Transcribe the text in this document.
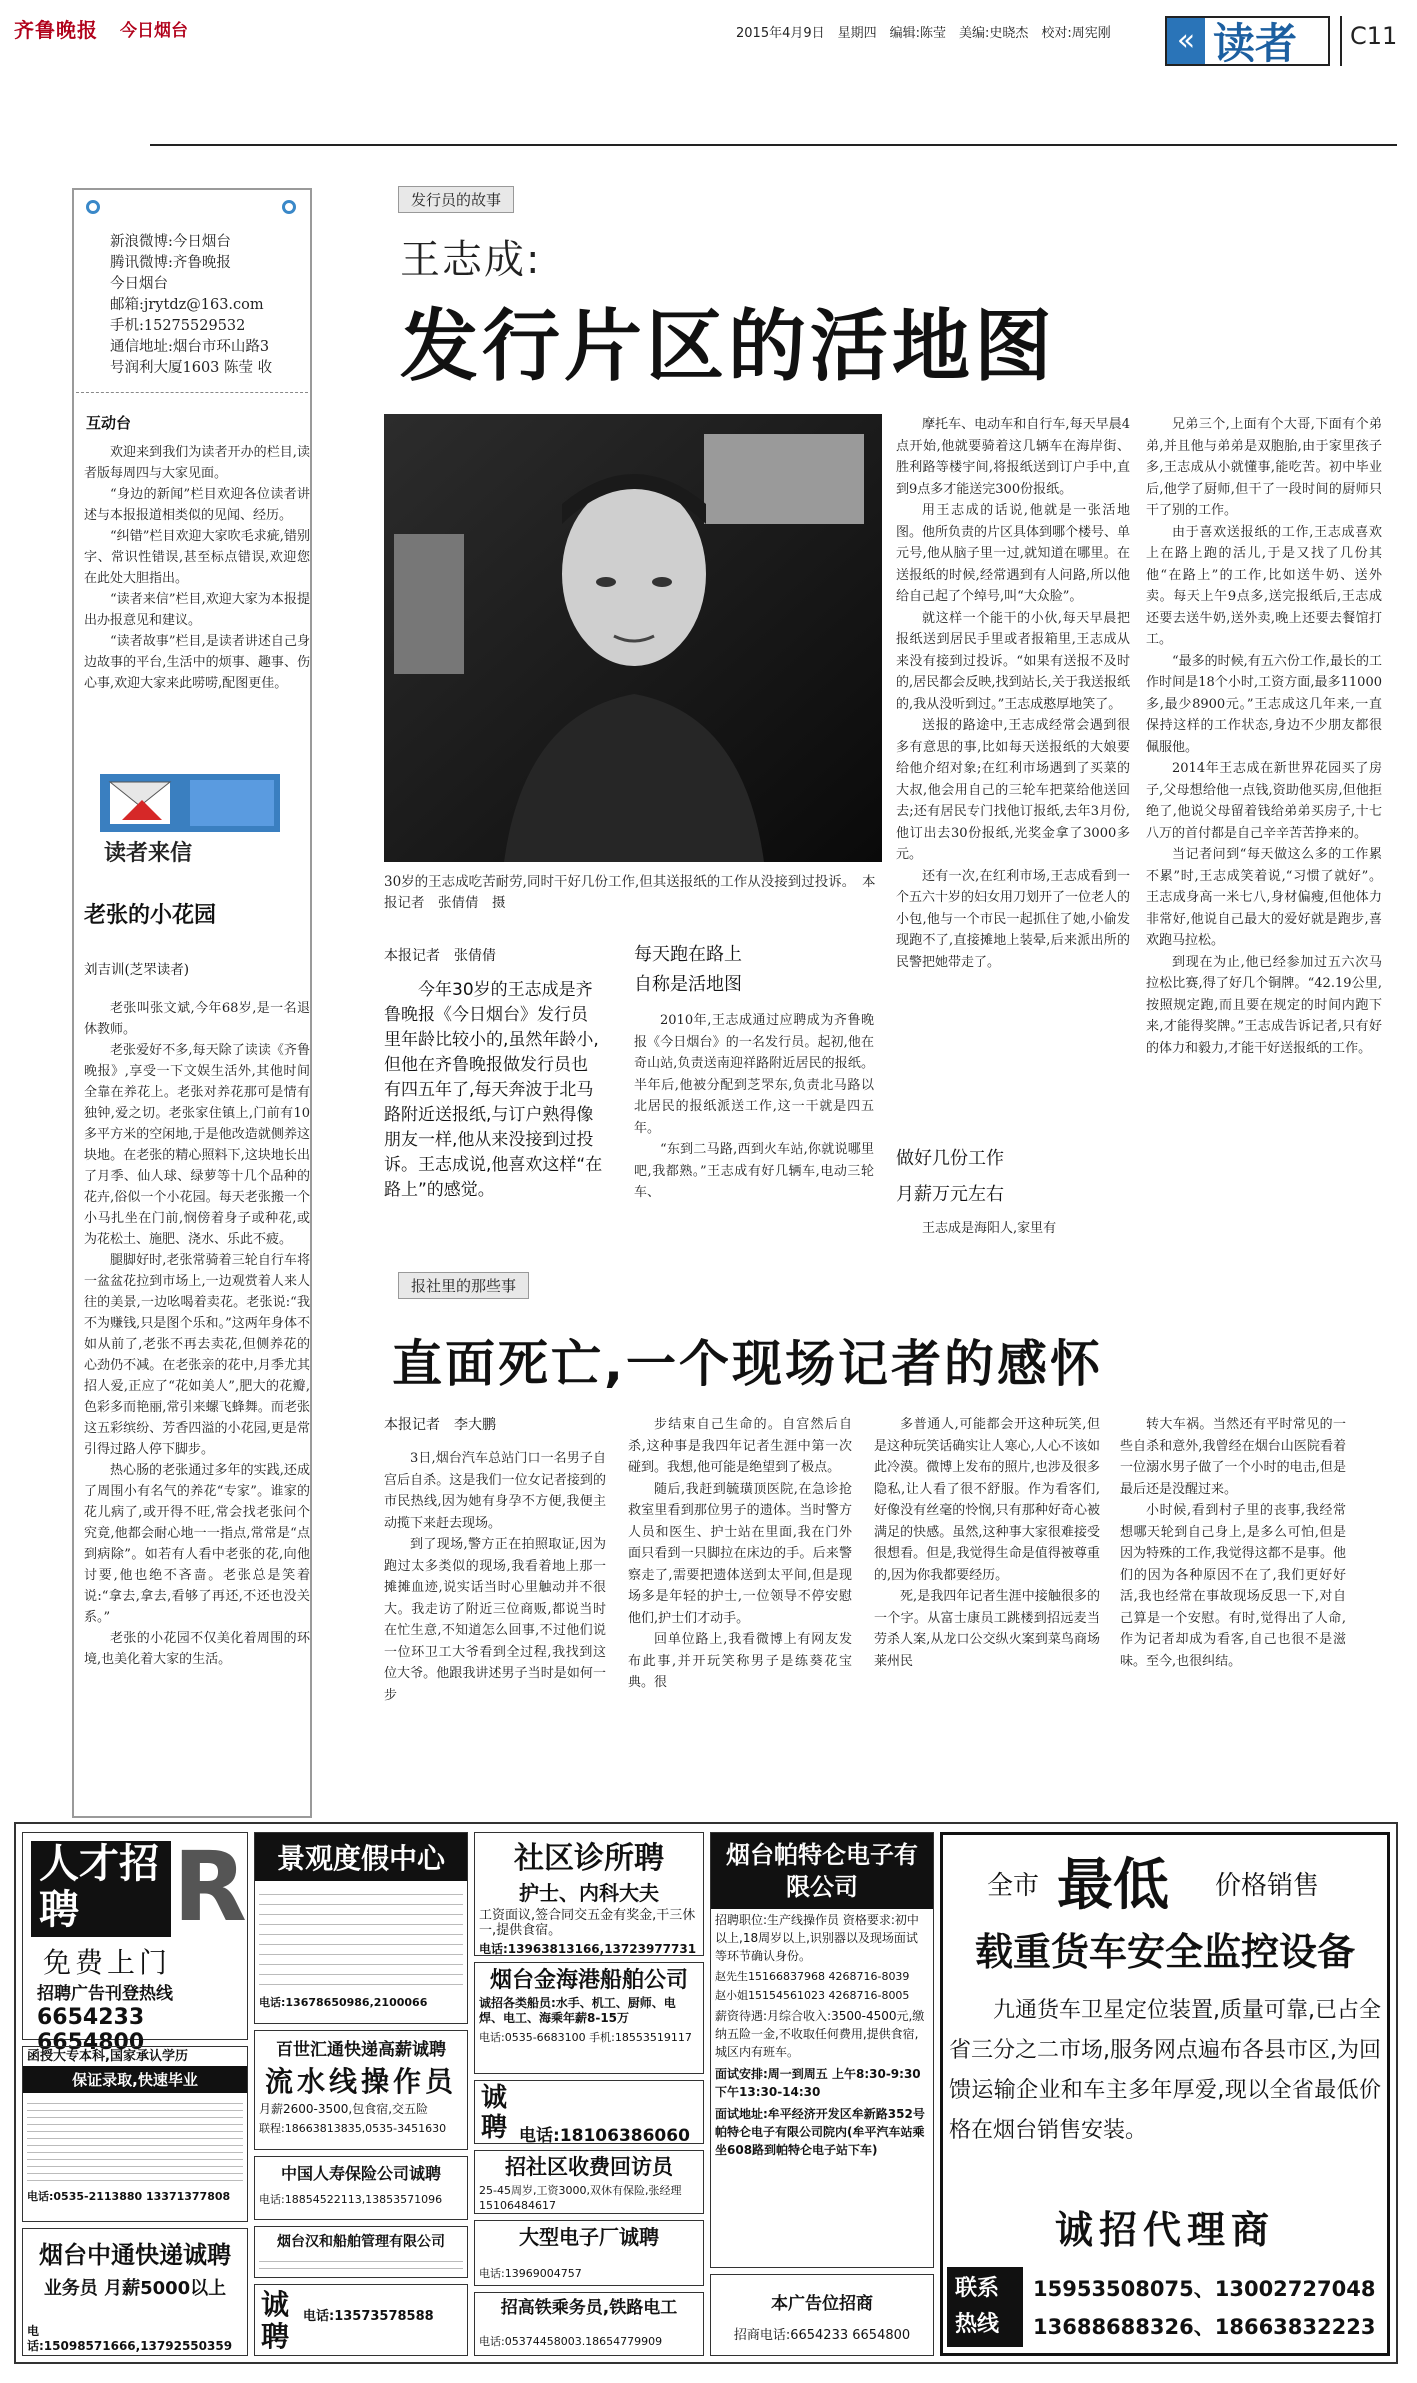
齐鲁晚报 今日烟台	2015年4月9日　星期四　编辑:陈莹　美编:史晓杰　校对:周宪刚	« 读者 C11
新浪微博:今日烟台
腾讯微博:齐鲁晚报
今日烟台
邮箱:jrytdz@163.com
手机:15275529532
通信地址:烟台市环山路3
号润利大厦1603 陈莹 收
互动台

欢迎来到我们为读者开办的栏目,读者版每周四与大家见面。

“身边的新闻”栏目欢迎各位读者讲述与本报报道相类似的见闻、经历。

“纠错”栏目欢迎大家吹毛求疵,错别字、常识性错误,甚至标点错误,欢迎您在此处大胆指出。

“读者来信”栏目,欢迎大家为本报提出办报意见和建议。

“读者故事”栏目,是读者讲述自己身边故事的平台,生活中的烦事、趣事、伤心事,欢迎大家来此唠唠,配图更佳。

读者来信
老张的小花园
刘吉训(芝罘读者)

老张叫张文斌,今年68岁,是一名退休教师。

老张爱好不多,每天除了读读《齐鲁晚报》,享受一下文娱生活外,其他时间全靠在养花上。老张对养花那可是情有独钟,爱之切。老张家住镇上,门前有10多平方米的空闲地,于是他改造就侧养这块地。在老张的精心照料下,这块地长出了月季、仙人球、绿萝等十几个品种的花卉,俗似一个小花园。每天老张搬一个小马扎坐在门前,悯傍着身子或种花,或为花松土、施肥、浇水、乐此不疲。

腿脚好时,老张常骑着三轮自行车将一盆盆花拉到市场上,一边观赏着人来人往的美景,一边吆喝着卖花。老张说:“我不为赚钱,只是图个乐和。”这两年身体不如从前了,老张不再去卖花,但侧养花的心劲仍不减。在老张亲的花中,月季尤其招人爱,正应了“花如美人”,肥大的花瓣,色彩多而艳丽,常引来螺飞蜂舞。而老张这五彩缤纷、芳香四溢的小花园,更是常引得过路人停下脚步。

热心肠的老张通过多年的实践,还成了周围小有名气的养花“专家”。谁家的花儿病了,或开得不旺,常会找老张问个究竟,他都会耐心地一一指点,常常是“点到病除”。如若有人看中老张的花,向他讨要,他也绝不吝啬。老张总是笑着说:“拿去,拿去,看够了再还,不还也没关系。”

老张的小花园不仅美化着周围的环境,也美化着大家的生活。

发行员的故事
王志成:
发行片区的活地图
30岁的王志成吃苦耐劳,同时干好几份工作,但其送报纸的工作从没接到过投诉。　本报记者　张倩倩　摄
本报记者　张倩倩

今年30岁的王志成是齐鲁晚报《今日烟台》发行员里年龄比较小的,虽然年龄小,但他在齐鲁晚报做发行员也有四五年了,每天奔波于北马路附近送报纸,与订户熟得像朋友一样,他从来没接到过投诉。王志成说,他喜欢这样“在路上”的感觉。

每天跑在路上
自称是活地图

2010年,王志成通过应聘成为齐鲁晚报《今日烟台》的一名发行员。起初,他在奇山站,负责送南迎祥路附近居民的报纸。半年后,他被分配到芝罘东,负责北马路以北居民的报纸派送工作,这一干就是四五年。

“东到二马路,西到火车站,你就说哪里吧,我都熟。”王志成有好几辆车,电动三轮车、

摩托车、电动车和自行车,每天早晨4点开始,他就要骑着这几辆车在海岸街、胜利路等楼宇间,将报纸送到订户手中,直到9点多才能送完300份报纸。

用王志成的话说,他就是一张活地图。他所负责的片区具体到哪个楼号、单元号,他从脑子里一过,就知道在哪里。在送报纸的时候,经常遇到有人问路,所以他给自己起了个绰号,叫“大众脸”。

就这样一个能干的小伙,每天早晨把报纸送到居民手里或者报箱里,王志成从来没有接到过投诉。“如果有送报不及时的,居民都会反映,找到站长,关于我送报纸的,我从没听到过。”王志成憨厚地笑了。

送报的路途中,王志成经常会遇到很多有意思的事,比如每天送报纸的大娘要给他介绍对象;在红利市场遇到了买菜的大叔,他会用自己的三轮车把菜给他送回去;还有居民专门找他订报纸,去年3月份,他订出去30份报纸,光奖金拿了3000多元。

还有一次,在红利市场,王志成看到一个五六十岁的妇女用刀划开了一位老人的小包,他与一个市民一起抓住了她,小偷发现跑不了,直接摊地上装晕,后来派出所的民警把她带走了。

做好几份工作
月薪万元左右

王志成是海阳人,家里有

兄弟三个,上面有个大哥,下面有个弟弟,并且他与弟弟是双胞胎,由于家里孩子多,王志成从小就懂事,能吃苦。初中毕业后,他学了厨师,但干了一段时间的厨师只干了别的工作。

由于喜欢送报纸的工作,王志成喜欢上在路上跑的活儿,于是又找了几份其他“在路上”的工作,比如送牛奶、送外卖。每天上午9点多,送完报纸后,王志成还要去送牛奶,送外卖,晚上还要去餐馆打工。

“最多的时候,有五六份工作,最长的工作时间是18个小时,工资方面,最多11000多,最少8900元。”王志成这几年来,一直保持这样的工作状态,身边不少朋友都很佩服他。

2014年王志成在新世界花园买了房子,父母想给他一点钱,资助他买房,但他拒绝了,他说父母留着钱给弟弟买房子,十七八万的首付都是自己辛辛苦苦挣来的。

当记者问到“每天做这么多的工作累不累”时,王志成笑着说,“习惯了就好”。王志成身高一米七八,身材偏瘦,但他体力非常好,他说自己最大的爱好就是跑步,喜欢跑马拉松。

到现在为止,他已经参加过五六次马拉松比赛,得了好几个铜牌。“42.19公里,按照规定跑,而且要在规定的时间内跑下来,才能得奖牌。”王志成告诉记者,只有好的体力和毅力,才能干好送报纸的工作。

报社里的那些事
直面死亡,一个现场记者的感怀
本报记者　李大鹏

3日,烟台汽车总站门口一名男子自宫后自杀。这是我们一位女记者接到的市民热线,因为她有身孕不方便,我便主动揽下来赶去现场。

到了现场,警方正在拍照取证,因为跑过太多类似的现场,我看着地上那一摊摊血迹,说实话当时心里触动并不很大。我走访了附近三位商贩,都说当时在忙生意,不知道怎么回事,不过他们说一位环卫工大爷看到全过程,我找到这位大爷。他跟我讲述男子当时是如何一步

步结束自己生命的。自宫然后自杀,这种事是我四年记者生涯中第一次碰到。我想,他可能是绝望到了极点。

随后,我赶到毓璜顶医院,在急诊抢救室里看到那位男子的遗体。当时警方人员和医生、护士站在里面,我在门外面只看到一只脚拉在床边的手。后来警察走了,需要把遗体送到太平间,但是现场多是年轻的护士,一位领导不停安慰他们,护士们才动手。

回单位路上,我看微博上有网友发布此事,并开玩笑称男子是练葵花宝典。很

多普通人,可能都会开这种玩笑,但是这种玩笑话确实让人寒心,人心不该如此冷漠。微博上发布的照片,也涉及很多隐私,让人看了很不舒服。作为看客们,好像没有丝毫的怜悯,只有那种好奇心被满足的快感。虽然,这种事大家很难接受很想看。但是,我觉得生命是值得被尊重的,因为你我都要经历。

死,是我四年记者生涯中接触很多的一个字。从富士康员工跳楼到招远麦当劳杀人案,从龙口公交纵火案到菜鸟商场莱州民

转大车祸。当然还有平时常见的一些自杀和意外,我曾经在烟台山医院看着一位溺水男子做了一个小时的电击,但是最后还是没醒过来。

小时候,看到村子里的丧事,我经常想哪天轮到自己身上,是多么可怕,但是因为特殊的工作,我觉得这都不是事。他们的因为各种原因不在了,我们更好好活,我也经常在事故现场反思一下,对自己算是一个安慰。有时,觉得出了人命,作为记者却成为看客,自己也很不是滋味。至今,也很纠结。

人才招聘 R
免费上门
招聘广告刊登热线
6654233 6654800
函授大专本科,国家承认学历
保证录取,快速毕业
电话:0535-2113880 13371377808
烟台中通快递诚聘
业务员 月薪5000以上
电话:15098571666,13792550359
景观度假中心
电话:13678650986,2100066
百世汇通快递高薪诚聘
流水线操作员
月薪2600-3500,包食宿,交五险
联程:18663813835,0535-3451630
中国人寿保险公司诚聘
电话:18854522113,13853571096
烟台汉和船舶管理有限公司
诚聘
电话:13573578588
社区诊所聘
护士、内科大夫
工资面议,签合同交五金有奖金,干三休一,提供食宿。
电话:13963813166,13723977731
烟台金海港船舶公司
诚招各类船员:水手、机工、厨师、电焊、电工、海乘年薪8-15万
电话:0535-6683100 手机:18553519117
诚聘 电话:18106386060
招社区收费回访员
25-45周岁,工资3000,双休有保险,张经理15106484617
大型电子厂诚聘
电话:13969004757
招高铁乘务员,铁路电工
电话:05374458003.18654779909
烟台帕特仑电子有限公司
招聘职位:生产线操作员 资格要求:初中以上,18周岁以上,识别器以及现场面试等环节确认身份。
赵先生15166837968 4268716-8039
赵小姐15154561023 4268716-8005
薪资待遇:月综合收入:3500-4500元,缴纳五险一金,不收取任何费用,提供食宿,城区内有班车。
面试安排:周一到周五 上午8:30-9:30 下午13:30-14:30
面试地址:牟平经济开发区牟新路352号帕特仑电子有限公司院内(牟平汽车站乘坐608路到帕特仑电子站下车)
本广告位招商
招商电话:6654233 6654800
全市 最低 价格销售
载重货车安全监控设备
九通货车卫星定位装置,质量可靠,已占全省三分之二市场,服务网点遍布各县市区,为回馈运输企业和车主多年厚爱,现以全省最低价格在烟台销售安装。
诚招代理商
联系热线
15953508075、13002727048
13688688326、18663832223
